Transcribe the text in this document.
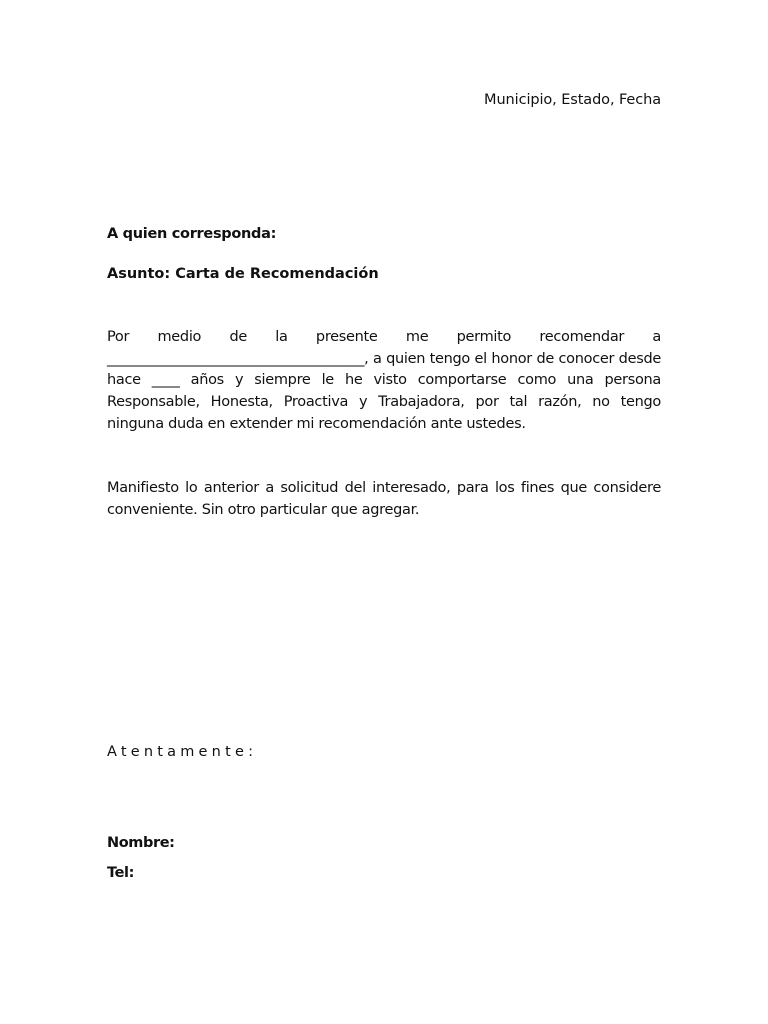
Municipio, Estado, Fecha
A quien corresponda:
Asunto: Carta de Recomendación
Por medio de la presente me permito recomendar a _____________________________________, a quien tengo el honor de conocer desde hace ____ años y siempre le he visto comportarse como una persona Responsable, Honesta, Proactiva y Trabajadora, por tal razón, no tengo ninguna duda en extender mi recomendación ante ustedes.
Manifiesto lo anterior a solicitud del interesado, para los fines que considere conveniente. Sin otro particular que agregar.
Atentamente:
Nombre:
Tel:
